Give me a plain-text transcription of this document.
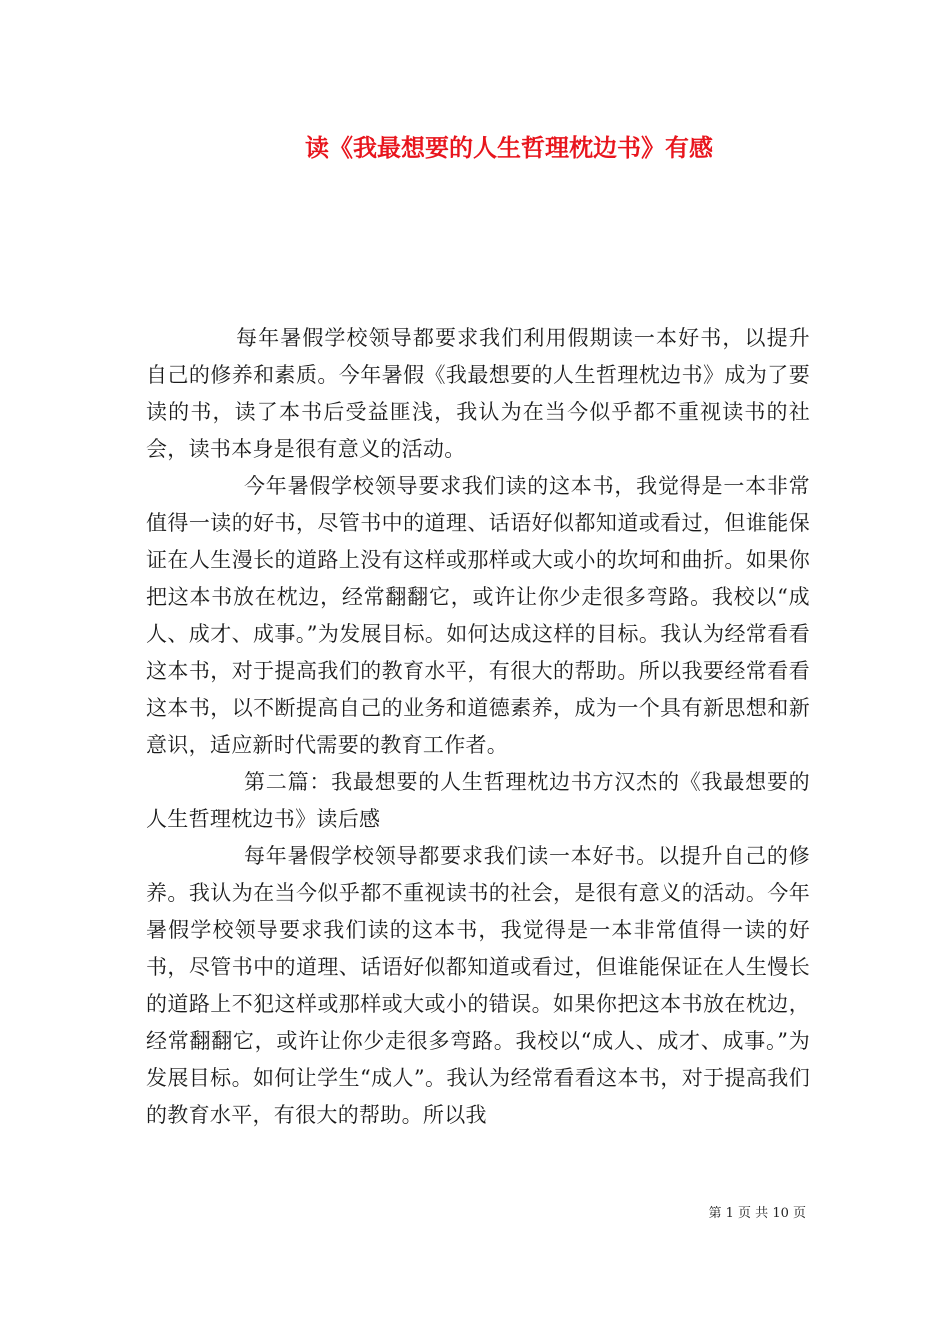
读《我最想要的人生哲理枕边书》有感

每年暑假学校领导都要求我们利用假期读一本好书，以提升自己的修养和素质。今年暑假《我最想要的人生哲理枕边书》成为了要读的书，读了本书后受益匪浅，我认为在当今似乎都不重视读书的社会，读书本身是很有意义的活动。

今年暑假学校领导要求我们读的这本书，我觉得是一本非常值得一读的好书，尽管书中的道理、话语好似都知道或看过，但谁能保证在人生漫长的道路上没有这样或那样或大或小的坎坷和曲折。如果你把这本书放在枕边，经常翻翻它，或许让你少走很多弯路。我校以“成人、成才、成事。”为发展目标。如何达成这样的目标。我认为经常看看这本书，对于提高我们的教育水平，有很大的帮助。所以我要经常看看这本书，以不断提高自己的业务和道德素养，成为一个具有新思想和新意识，适应新时代需要的教育工作者。

第二篇：我最想要的人生哲理枕边书方汉杰的《我最想要的人生哲理枕边书》读后感

每年暑假学校领导都要求我们读一本好书。以提升自己的修养。我认为在当今似乎都不重视读书的社会，是很有意义的活动。今年暑假学校领导要求我们读的这本书，我觉得是一本非常值得一读的好书，尽管书中的道理、话语好似都知道或看过，但谁能保证在人生慢长的道路上不犯这样或那样或大或小的错误。如果你把这本书放在枕边，经常翻翻它，或许让你少走很多弯路。我校以“成人、成才、成事。”为发展目标。如何让学生“成人”。我认为经常看看这本书，对于提高我们的教育水平，有很大的帮助。所以我

第 1 页 共 10 页
